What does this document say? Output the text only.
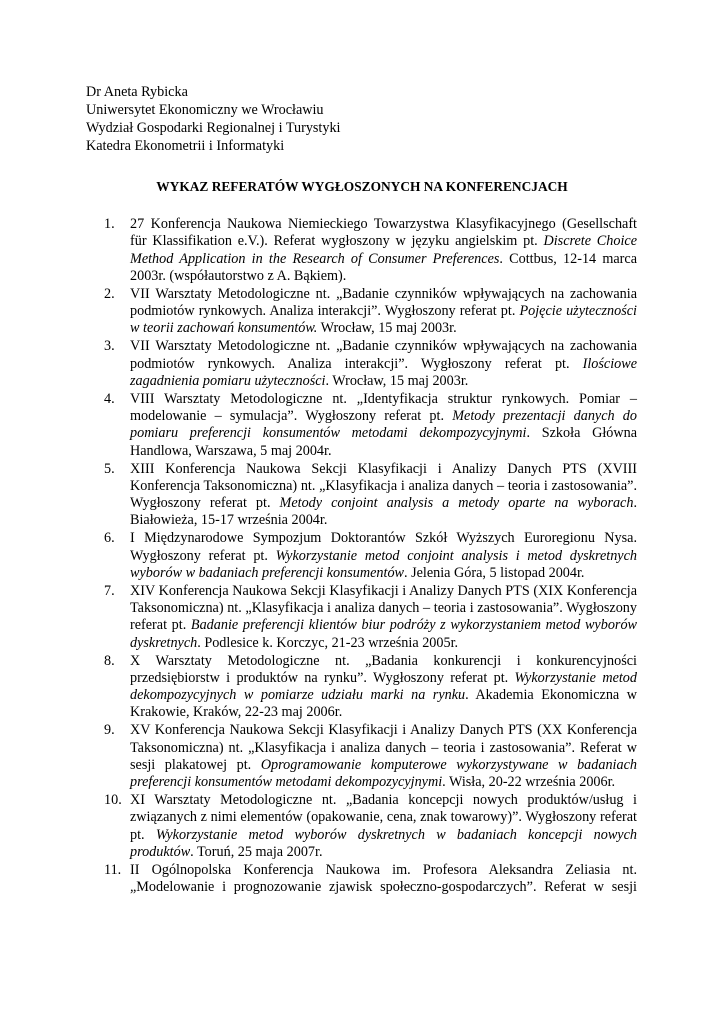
Dr Aneta Rybicka
Uniwersytet Ekonomiczny we Wrocławiu
Wydział Gospodarki Regionalnej i Turystyki
Katedra Ekonometrii i Informatyki
WYKAZ REFERATÓW WYGŁOSZONYCH NA KONFERENCJACH
1. 27 Konferencja Naukowa Niemieckiego Towarzystwa Klasyfikacyjnego (Gesellschaft für Klassifikation e.V.). Referat wygłoszony w języku angielskim pt. Discrete Choice Method Application in the Research of Consumer Preferences. Cottbus, 12-14 marca 2003r. (współautorstwo z A. Bąkiem).
2. VII Warsztaty Metodologiczne nt. „Badanie czynników wpływających na zachowania podmiotów rynkowych. Analiza interakcji”. Wygłoszony referat pt. Pojęcie użyteczności w teorii zachowań konsumentów. Wrocław, 15 maj 2003r.
3. VII Warsztaty Metodologiczne nt. „Badanie czynników wpływających na zachowania podmiotów rynkowych. Analiza interakcji”. Wygłoszony referat pt. Ilościowe zagadnienia pomiaru użyteczności. Wrocław, 15 maj 2003r.
4. VIII Warsztaty Metodologiczne nt. „Identyfikacja struktur rynkowych. Pomiar – modelowanie – symulacja”. Wygłoszony referat pt. Metody prezentacji danych do pomiaru preferencji konsumentów metodami dekompozycyjnymi. Szkoła Główna Handlowa, Warszawa, 5 maj 2004r.
5. XIII Konferencja Naukowa Sekcji Klasyfikacji i Analizy Danych PTS (XVIII Konferencja Taksonomiczna) nt. „Klasyfikacja i analiza danych – teoria i zastosowania”. Wygłoszony referat pt. Metody conjoint analysis a metody oparte na wyborach. Białowieża, 15-17 września 2004r.
6. I Międzynarodowe Sympozjum Doktorantów Szkół Wyższych Euroregionu Nysa. Wygłoszony referat pt. Wykorzystanie metod conjoint analysis i metod dyskretnych wyborów w badaniach preferencji konsumentów. Jelenia Góra, 5 listopad 2004r.
7. XIV Konferencja Naukowa Sekcji Klasyfikacji i Analizy Danych PTS (XIX Konferencja Taksonomiczna) nt. „Klasyfikacja i analiza danych – teoria i zastosowania”. Wygłoszony referat pt. Badanie preferencji klientów biur podróży z wykorzystaniem metod wyborów dyskretnych. Podlesice k. Korczyc, 21-23 września 2005r.
8. X Warsztaty Metodologiczne nt. „Badania konkurencji i konkurencyjności przedsiębiorstw i produktów na rynku”. Wygłoszony referat pt. Wykorzystanie metod dekompozycyjnych w pomiarze udziału marki na rynku. Akademia Ekonomiczna w Krakowie, Kraków, 22-23 maj 2006r.
9. XV Konferencja Naukowa Sekcji Klasyfikacji i Analizy Danych PTS (XX Konferencja Taksonomiczna) nt. „Klasyfikacja i analiza danych – teoria i zastosowania”. Referat w sesji plakatowej pt. Oprogramowanie komputerowe wykorzystywane w badaniach preferencji konsumentów metodami dekompozycyjnymi. Wisła, 20-22 września 2006r.
10. XI Warsztaty Metodologiczne nt. „Badania koncepcji nowych produktów/usług i związanych z nimi elementów (opakowanie, cena, znak towarowy)”. Wygłoszony referat pt. Wykorzystanie metod wyborów dyskretnych w badaniach koncepcji nowych produktów. Toruń, 25 maja 2007r.
11. II Ogólnopolska Konferencja Naukowa im. Profesora Aleksandra Zeliasia nt. „Modelowanie i prognozowanie zjawisk społeczno-gospodarczych”. Referat w sesji
